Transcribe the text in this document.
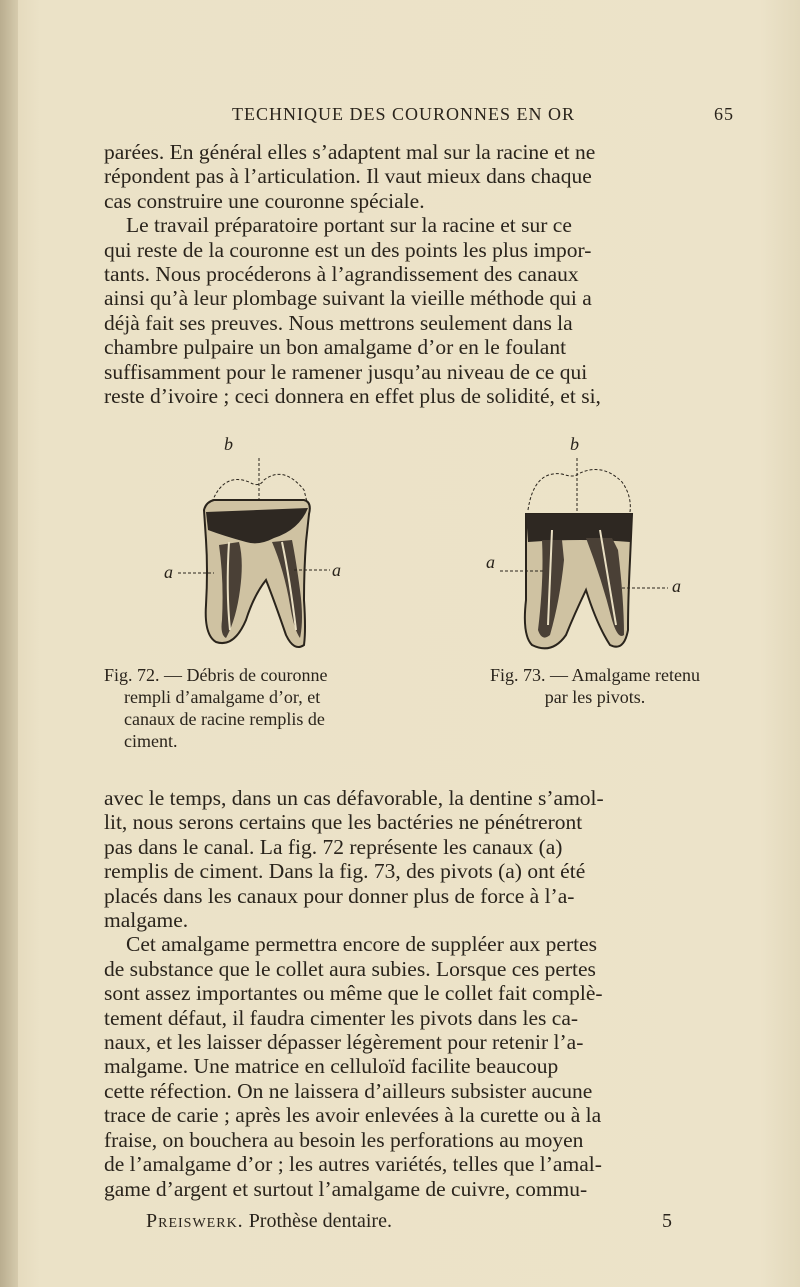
TECHNIQUE DES COURONNES EN OR	65

parées. En général elles s’adaptent mal sur la racine et ne

répondent pas à l’articulation. Il vaut mieux dans chaque

cas construire une couronne spéciale.

Le travail préparatoire portant sur la racine et sur ce

qui reste de la couronne est un des points les plus impor-

tants. Nous procéderons à l’agrandissement des canaux

ainsi qu’à leur plombage suivant la vieille méthode qui a

déjà fait ses preuves. Nous mettrons seulement dans la

chambre pulpaire un bon amalgame d’or en le foulant

suffisamment pour le ramener jusqu’au niveau de ce qui

reste d’ivoire ; ceci donnera en effet plus de solidité, et si,

b
a	a
b
a
a
Fig. 72. — Débris de couronne
rempli d’amalgame d’or, et
canaux de racine remplis de
ciment.
Fig. 73. — Amalgame retenu
par les pivots.

avec le temps, dans un cas défavorable, la dentine s’amol-

lit, nous serons certains que les bactéries ne pénétreront

pas dans le canal. La fig. 72 représente les canaux (a)

remplis de ciment. Dans la fig. 73, des pivots (a) ont été

placés dans les canaux pour donner plus de force à l’a-

malgame.

Cet amalgame permettra encore de suppléer aux pertes

de substance que le collet aura subies. Lorsque ces pertes

sont assez importantes ou même que le collet fait complè-

tement défaut, il faudra cimenter les pivots dans les ca-

naux, et les laisser dépasser légèrement pour retenir l’a-

malgame. Une matrice en celluloïd facilite beaucoup

cette réfection. On ne laissera d’ailleurs subsister aucune

trace de carie ; après les avoir enlevées à la curette ou à la

fraise, on bouchera au besoin les perforations au moyen

de l’amalgame d’or ; les autres variétés, telles que l’amal-

game d’argent et surtout l’amalgame de cuivre, commu-

Preiswerk. Prothèse dentaire.	5
